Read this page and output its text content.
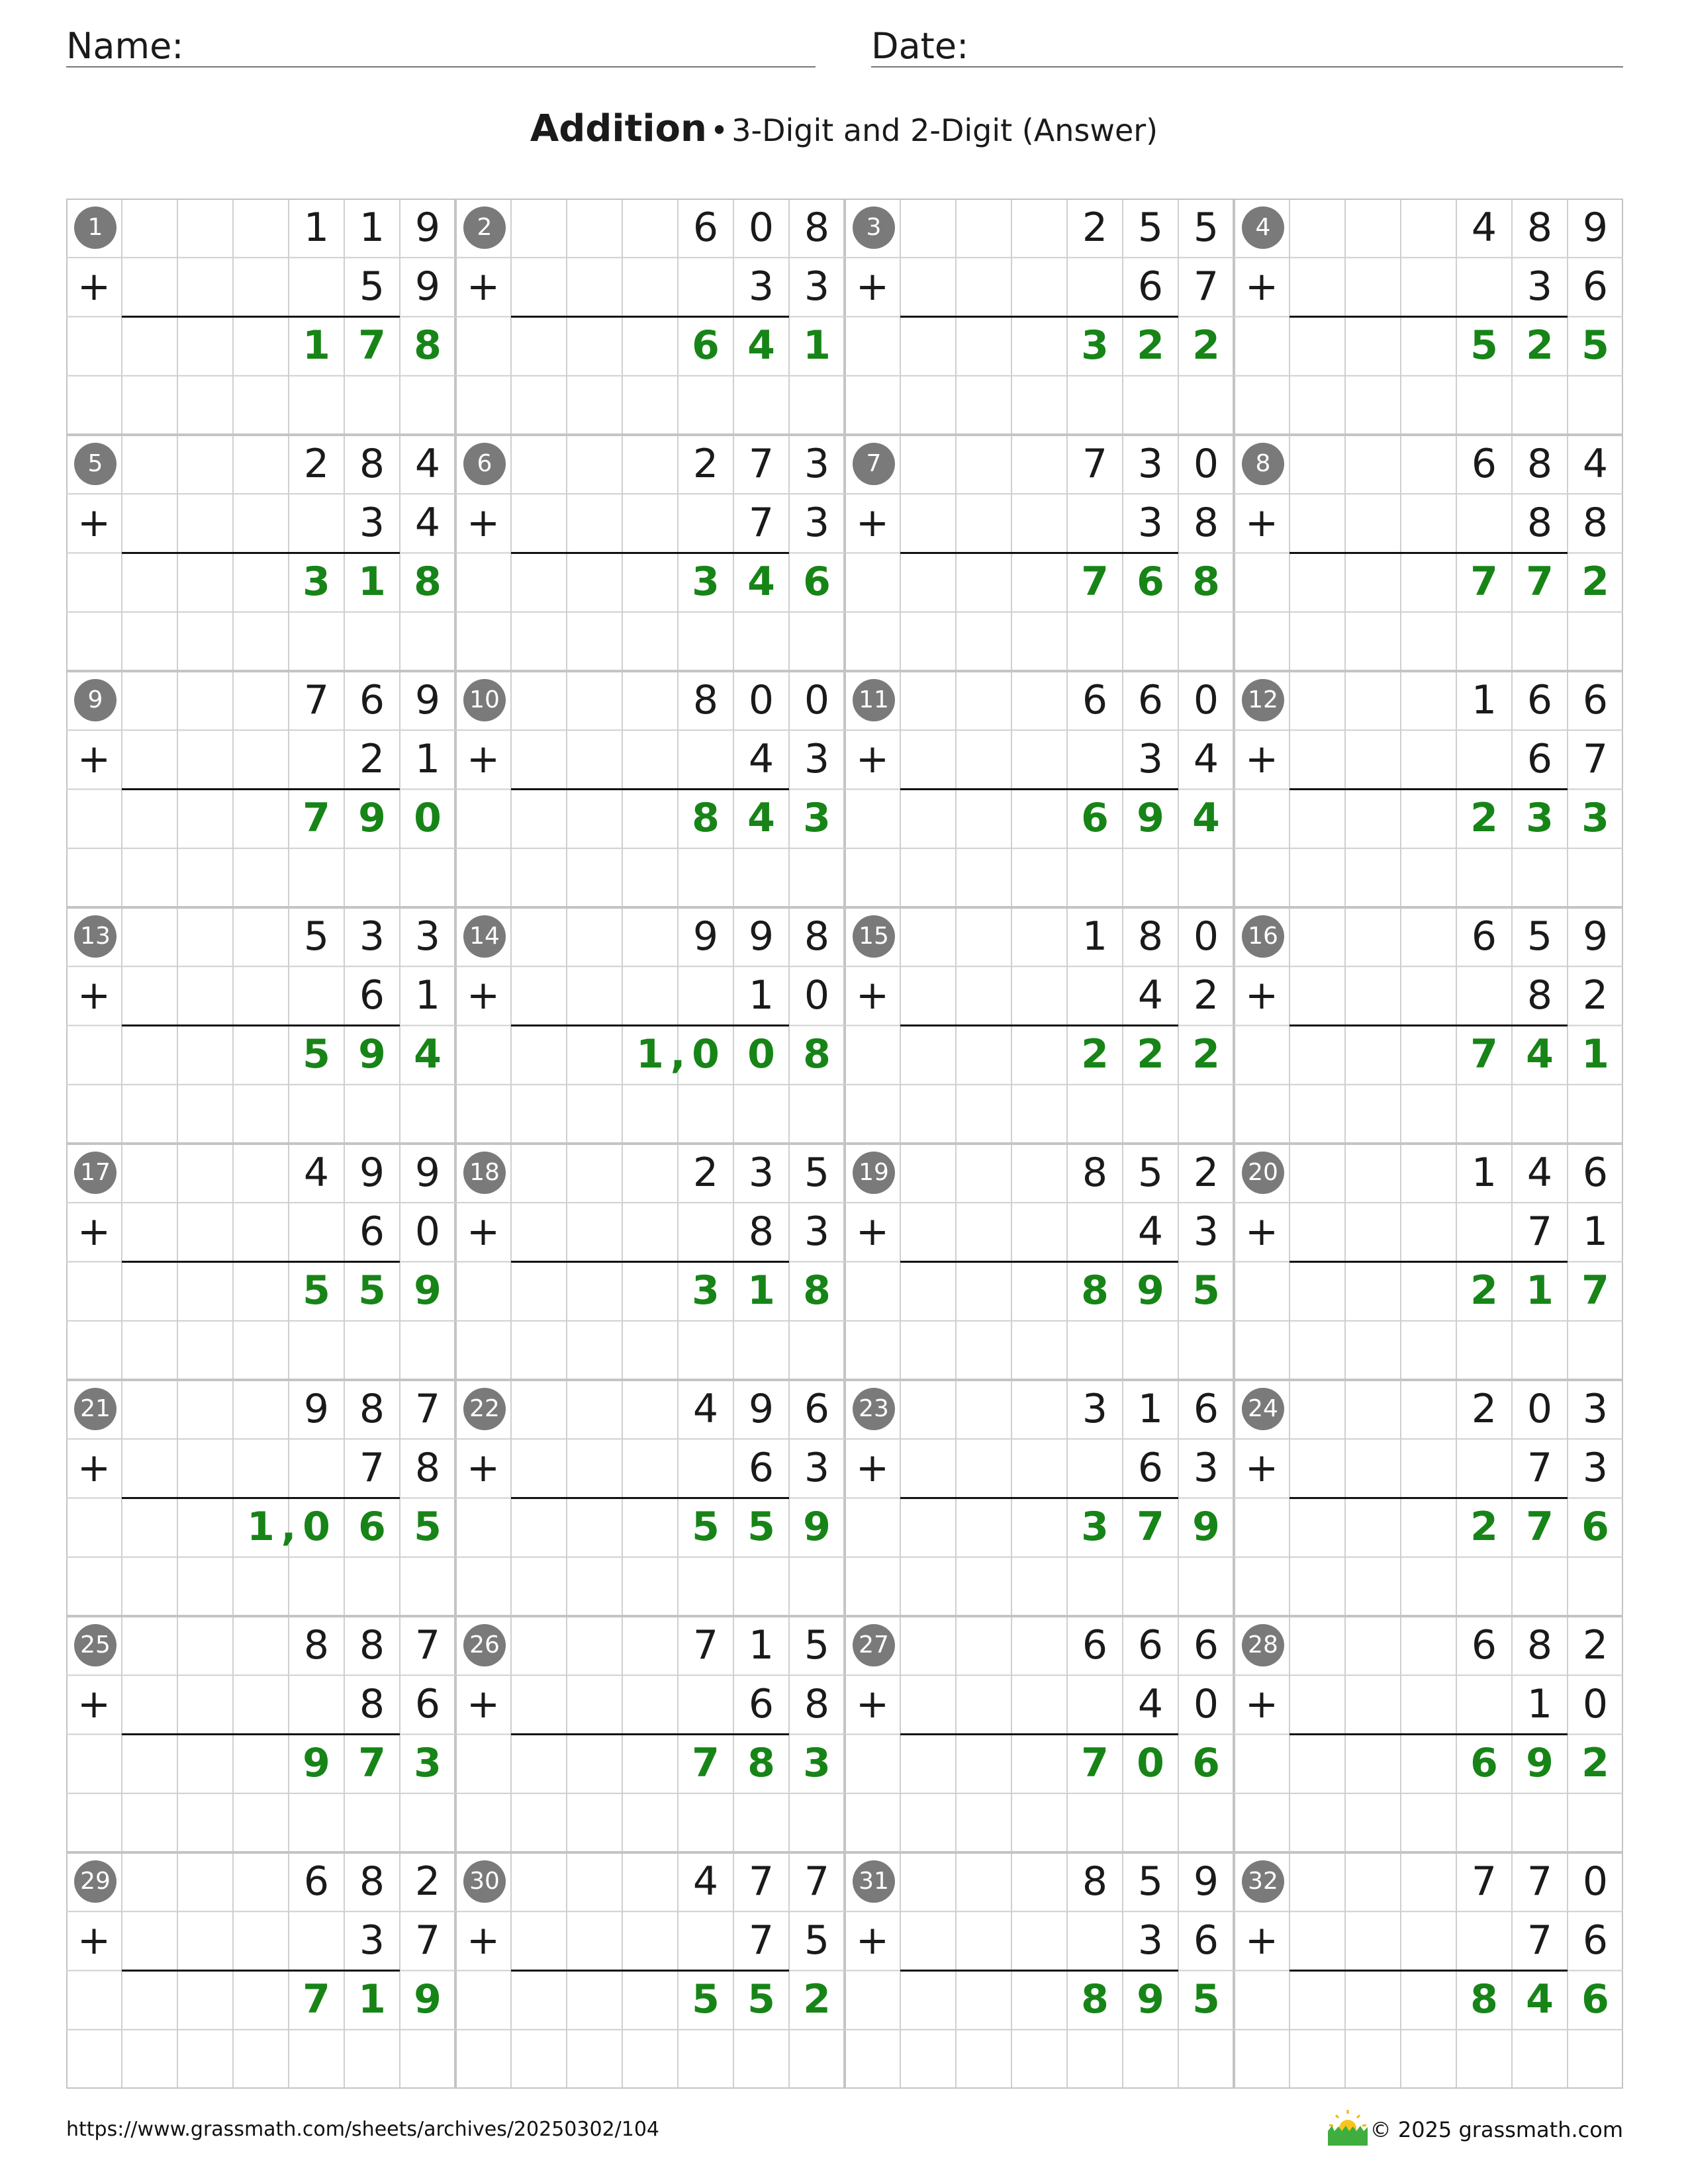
Name:	Date:
Addition • 3-Digit and 2-Digit (Answer)
1
+
9
1
1
9
5
8
7
1
2
+
8
0
6
3
3
1
4
6
3
+
5
5
2
7
6
2
2
3
4
+
9
8
4
6
3
5
2
5
5
+
4
8
2
4
3
8
1
3
6
+
3
7
2
3
7
6
4
3
7
+
0
3
7
8
3
8
6
7
8
+
4
8
6
8
8
2
7
7
9
+
9
6
7
1
2
0
9
7
10
+
0
0
8
3
4
3
4
8
11
+
0
6
6
4
3
4
9
6
12
+
6
6
1
7
6
3
3
2
13
+
3
3
5
1
6
4
9
5
14
+
8
9
9
0
1
8
0
0
,
1
15
+
0
8
1
2
4
2
2
2
16
+
9
5
6
2
8
1
4
7
17
+
9
9
4
0
6
9
5
5
18
+
5
3
2
3
8
8
1
3
19
+
2
5
8
3
4
5
9
8
20
+
6
4
1
1
7
7
1
2
21
+
7
8
9
8
7
5
6
0
,
1
22
+
6
9
4
3
6
9
5
5
23
+
6
1
3
3
6
9
7
3
24
+
3
0
2
3
7
6
7
2
25
+
7
8
8
6
8
3
7
9
26
+
5
1
7
8
6
3
8
7
27
+
6
6
6
0
4
6
0
7
28
+
2
8
6
0
1
2
9
6
29
+
2
8
6
7
3
9
1
7
30
+
7
7
4
5
7
2
5
5
31
+
9
5
8
6
3
5
9
8
32
+
0
7
7
6
7
6
4
8
https://www.grassmath.com/sheets/archives/20250302/104	© 2025 grassmath.com
